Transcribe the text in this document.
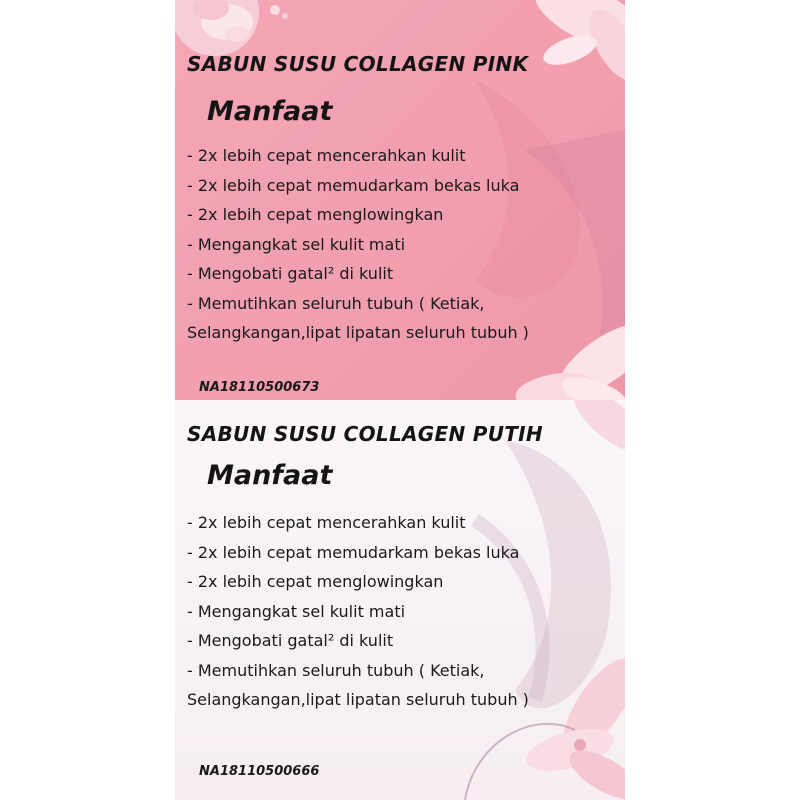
SABUN SUSU COLLAGEN PINK
Manfaat
- 2x lebih cepat mencerahkan kulit
- 2x lebih cepat memudarkam bekas luka
- 2x lebih cepat menglowingkan
- Mengangkat sel kulit mati
- Mengobati gatal² di kulit
- Memutihkan seluruh tubuh ( Ketiak, Selangkangan,lipat lipatan seluruh tubuh )
NA18110500673
SABUN SUSU COLLAGEN PUTIH
Manfaat
- 2x lebih cepat mencerahkan kulit
- 2x lebih cepat memudarkam bekas luka
- 2x lebih cepat menglowingkan
- Mengangkat sel kulit mati
- Mengobati gatal² di kulit
- Memutihkan seluruh tubuh ( Ketiak, Selangkangan,lipat lipatan seluruh tubuh )
NA18110500666
